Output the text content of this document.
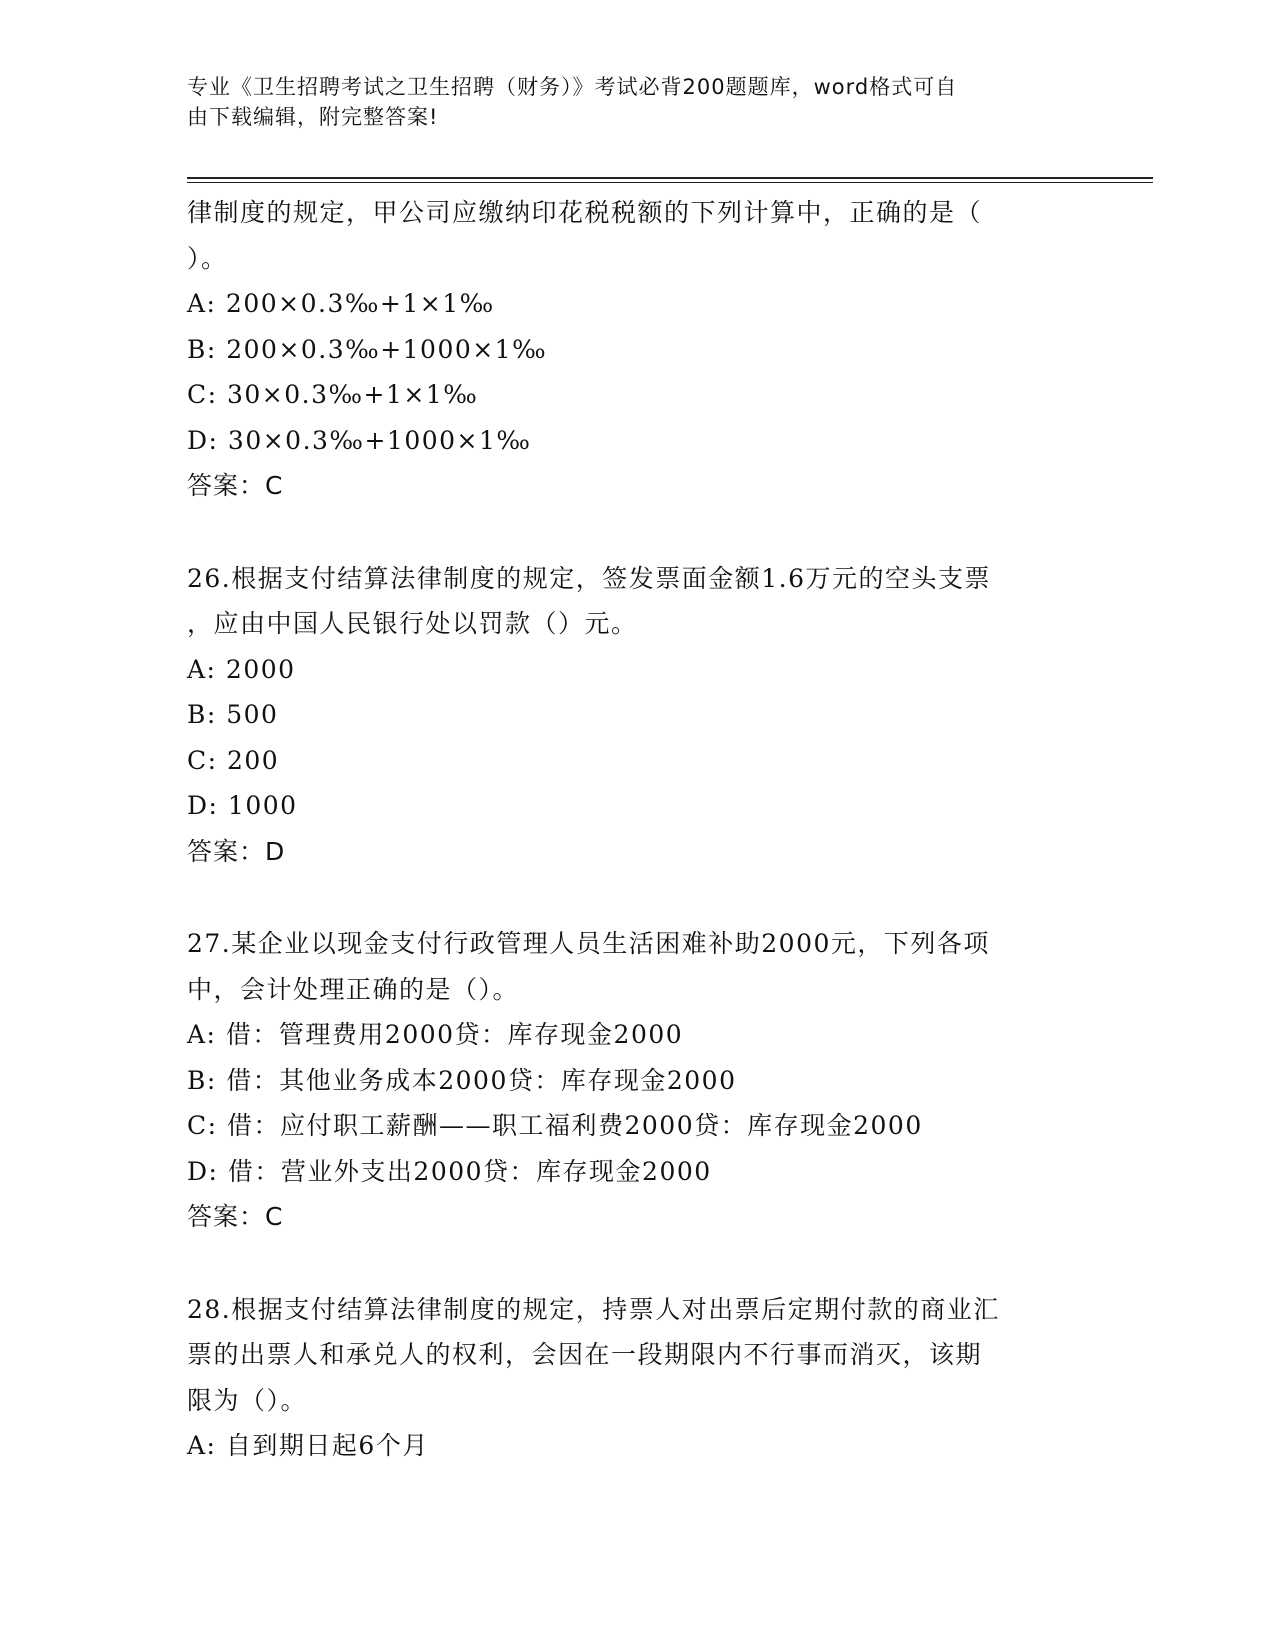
专业《卫生招聘考试之卫生招聘（财务）》考试必背200题题库，word格式可自
由下载编辑，附完整答案!
律制度的规定，甲公司应缴纳印花税税额的下列计算中，正确的是（
）。
A: 200×0.3‰+1×1‰
B: 200×0.3‰+1000×1‰
C: 30×0.3‰+1×1‰
D: 30×0.3‰+1000×1‰
答案：C
26.根据支付结算法律制度的规定，签发票面金额1.6万元的空头支票
，应由中国人民银行处以罚款（）元。
A: 2000
B: 500
C: 200
D: 1000
答案：D
27.某企业以现金支付行政管理人员生活困难补助2000元，下列各项
中，会计处理正确的是（）。
A: 借：管理费用2000贷：库存现金2000
B: 借：其他业务成本2000贷：库存现金2000
C: 借：应付职工薪酬——职工福利费2000贷：库存现金2000
D: 借：营业外支出2000贷：库存现金2000
答案：C
28.根据支付结算法律制度的规定，持票人对出票后定期付款的商业汇
票的出票人和承兑人的权利，会因在一段期限内不行事而消灭，该期
限为（）。
A: 自到期日起6个月
